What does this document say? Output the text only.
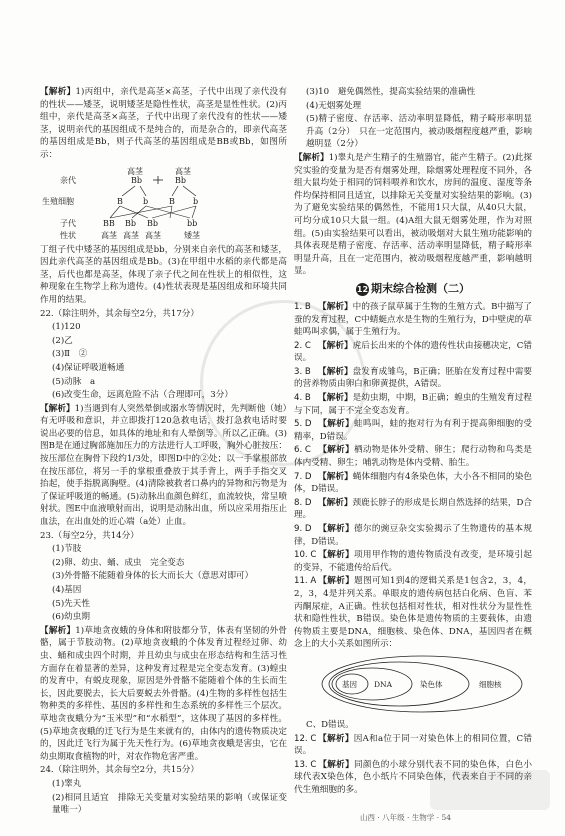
【解析】1)丙组中，亲代是高茎×高茎，子代中出现了亲代没有的性状——矮茎，说明矮茎是隐性性状，高茎是显性性状。(2)丙组中，亲代是高茎×高茎，子代中出现了亲代没有的性状——矮茎，说明亲代的基因组成不是纯合的，而是杂合的，即亲代高茎的基因组成是Bb，则子代高茎的基因组成是BB或Bb，如图所示：

亲代
高茎	高茎
Bb	Bb
生殖细胞	B	b	B b
子代	BB Bb Bb	bb
性状	高茎 高茎 高茎	矮茎

丁组子代中矮茎的基因组成是bb，分别来自亲代的高茎和矮茎，因此亲代高茎的基因组成是Bb。(3)在甲组中水稻的亲代都是高茎，后代也都是高茎，体现了亲子代之间在性状上的相似性，这种现象在生物学上称为遗传。(4)性状表现是基因组成和环境共同作用的结果。

22.（除注明外，其余每空2分，共17分）

(1)120

(2)乙

(3)Ⅱ　②

(4)保证呼吸道畅通

(5)动脉　a

(6)改变生命，远离危险不沾（合理即可，3分）

【解析】1)当遇到有人突然晕倒或溺水等情况时，先判断他（她）有无呼吸和意识，并立即拨打120急救电话，拨打急救电话时要说出必要的信息，如具体的地址和有人晕倒等。所以乙正确。(3)图B是在通过胸部施加压力的方法进行人工呼吸，胸外心脏按压：按压部位在胸骨下段约1/3处，即图D中的②处；以一手掌根部放在按压部位，将另一手的掌根重叠放于其手背上，两手手指交叉抬起，使手指脱离胸壁。(4)清除被救者口鼻内的异物和污物是为了保证呼吸道的畅通。(5)动脉出血颜色鲜红，血流较快，常呈喷射状。图E中血液喷射而出，说明是动脉出血，所以应采用指压止血法，在出血处的近心端（a处）止血。

23.（每空2分，共14分）

(1)节肢

(2)卵、幼虫、蛹、成虫　完全变态

(3)外骨骼不能随着身体的长大而长大（意思对即可）

(4)基因

(5)先天性

(6)幼虫期

【解析】1)草地贪夜蛾的身体和附肢都分节，体表有坚韧的外骨骼，属于节肢动物。(2)草地贪夜蛾的个体发育过程经过卵、幼虫、蛹和成虫四个时期，并且幼虫与成虫在形态结构和生活习性方面存在着显著的差异，这种发育过程是完全变态发育。(3)蝗虫的发育中，有蜕皮现象，原因是外骨骼不能随着个体的生长而生长，因此要脱去，长大后要蜕去外骨骼。(4)生物的多样性包括生物种类的多样性、基因的多样性和生态系统的多样性三个层次。草地贪夜蛾分为“玉米型”和“水稻型”，这体现了基因的多样性。(5)草地贪夜蛾的迁飞行为是生来就有的，由体内的遗传物质决定的，因此迁飞行为属于先天性行为。(6)草地贪夜蛾是害虫，它在幼虫期取食植物的叶，对农作物危害严重。

24.（除注明外，其余每空2分，共15分）

(1)睾丸

(2)相同且适宜　排除无关变量对实验结果的影响（或保证变量唯一）

(3)10　避免偶然性，提高实验结果的准确性

(4)无烟雾处理

(5)精子密度、存活率、活动率明显降低，精子畸形率明显升高（2分）　只在一定范围内，被动吸烟程度越严重，影响越明显（2分）

【解析】1)睾丸是产生精子的生殖器官，能产生精子。(2)此探究实验的变量为是否有烟雾处理，除烟雾处理程度不同外，各组大鼠均处于相同的饲料喂养和饮水，房间的温度、湿度等条件均保持相同且适宜，以排除无关变量对实验结果的影响。(3)为了避免实验结果的偶然性，不能用1只大鼠，从40只大鼠，可均分成10只大鼠一组。(4)A组大鼠无烟雾处理，作为对照组。(5)由实验结果可以看出，被动吸烟对大鼠生殖功能影响的具体表现是精子密度、存活率、活动率明显降低，精子畸形率明显升高，且在一定范围内，被动吸烟程度越严重，影响越明显。

12 期末综合检测（二）

1. B 【解析】中的孩子鼠草属于生物的生殖方式。B中描写了蚕的发育过程，C中蜻蜓点水是生物的生殖行为，D中壁虎的草蛙鸣叫求偶，属于生殖行为。

2. C 【解析】虎后长出来的个体的遗传性状由接穗决定，C错误。

3. B 【解析】盘发育成雏鸟，B正确；胚胎在发育过程中需要的营养物质由卵白和卵黄提供，A错误。

4. B 【解析】是幼虫期，中期，B正确；蝗虫的生殖发育过程与下同，属于不完全变态发育。

5. D 【解析】蛙鸣叫，蛙的抱对行为有利于提高卵细胞的受精率，D错误。

6. C 【解析】栖动物是体外受精、卵生；爬行动物和鸟类是体内受精、卵生；哺乳动物是体内受精、胎生。

7. D 【解析】蝇体细胞内有4条染色体，大小各不相同的染色体，D错误。

8. D 【解析】颈鹿长脖子的形成是长期自然选择的结果，D合理。

9. D 【解析】德尔的豌豆杂交实验揭示了生物遗传的基本规律，D错误。

10. C 【解析】项用甲作物的遗传物质没有改变，是环境引起的变异，不能遗传给后代。

11. A 【解析】题图可知1到4的逻辑关系是1包含2，3，4，2，3，4是并列关系。单眼皮的遗传病包括白化病、色盲、苯丙酮尿症，A正确。性状包括相对性状，相对性状分为显性性状和隐性性状，B错误。染色体是遗传物质的主要载体，由遗传物质主要是DNA，细胞核、染色体、DNA，基因四者在概念上的大小关系如图所示：

基因 DNA	染色体	细胞核

C、D错误。

12. C 【解析】因A和a位于同一对染色体上的相同位置，C错误。

13. C 【解析】同颜色的小球分别代表不同的染色体，白色小球代表X染色体，色小纸片不同染色体，代表来自于不同的亲代生殖细胞的多。

山西 · 八年级 · 生物学 · 54
